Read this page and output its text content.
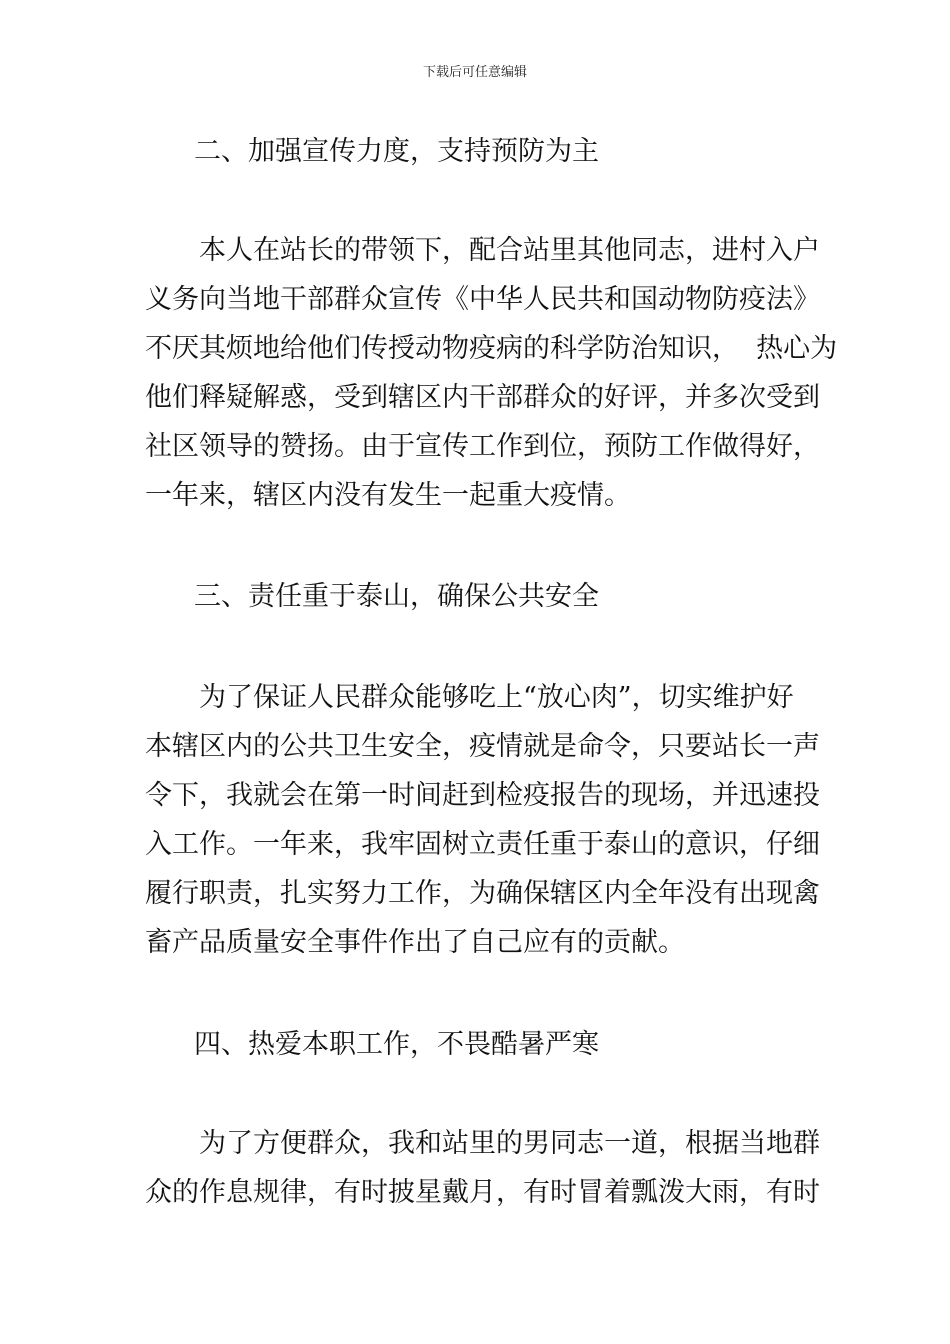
下载后可任意编辑
二、加强宣传力度，支持预防为主
　　本人在站长的带领下，配合站里其他同志，进村入户
义务向当地干部群众宣传《中华人民共和国动物防疫法》
不厌其烦地给他们传授动物疫病的科学防治知识，  热心为
他们释疑解惑，受到辖区内干部群众的好评，并多次受到
社区领导的赞扬。由于宣传工作到位，预防工作做得好，
一年来，辖区内没有发生一起重大疫情。
三、责任重于泰山，确保公共安全
　　为了保证人民群众能够吃上“放心肉”，切实维护好
本辖区内的公共卫生安全，疫情就是命令，只要站长一声
令下，我就会在第一时间赶到检疫报告的现场，并迅速投
入工作。一年来，我牢固树立责任重于泰山的意识，仔细
履行职责，扎实努力工作，为确保辖区内全年没有出现禽
畜产品质量安全事件作出了自己应有的贡献。
四、热爱本职工作，不畏酷暑严寒
　　为了方便群众，我和站里的男同志一道，根据当地群
众的作息规律，有时披星戴月，有时冒着瓢泼大雨，有时
